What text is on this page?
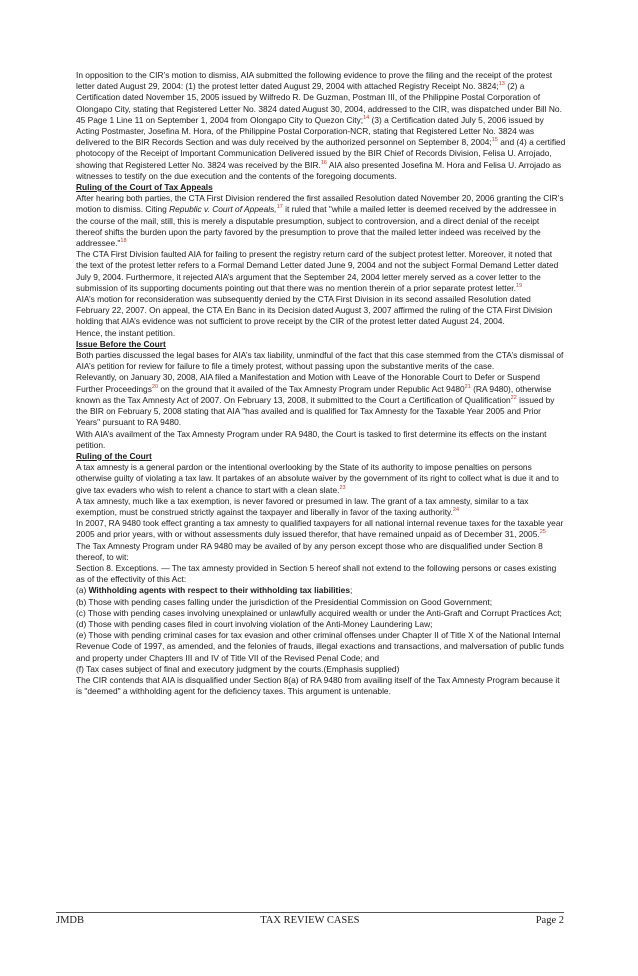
In opposition to the CIR’s motion to dismiss, AIA submitted the following evidence to prove the filing and the receipt of the protest letter dated August 29, 2004: (1) the protest letter dated August 29, 2004 with attached Registry Receipt No. 3824;$^{13}$ (2) a Certification dated November 15, 2005 issued by Wilfredo R. De Guzman, Postman III, of the Philippine Postal Corporation of Olongapo City, stating that Registered Letter No. 3824 dated August 30, 2004, addressed to the CIR, was dispatched under Bill No. 45 Page 1 Line 11 on September 1, 2004 from Olongapo City to Quezon City;$^{14}$ (3) a Certification dated July 5, 2006 issued by Acting Postmaster, Josefina M. Hora, of the Philippine Postal Corporation-NCR, stating that Registered Letter No. 3824 was delivered to the BIR Records Section and was duly received by the authorized personnel on September 8, 2004;$^{15}$ and (4) a certified photocopy of the Receipt of Important Communication Delivered issued by the BIR Chief of Records Division, Felisa U. Arrojado, showing that Registered Letter No. 3824 was received by the BIR.$^{16}$ AIA also presented Josefina M. Hora and Felisa U. Arrojado as witnesses to testify on the due execution and the contents of the foregoing documents.

Ruling of the Court of Tax Appeals

After hearing both parties, the CTA First Division rendered the first assailed Resolution dated November 20, 2006 granting the CIR’s motion to dismiss. Citing Republic v. Court of Appeals,$^{17}$ it ruled that "while a mailed letter is deemed received by the addressee in the course of the mail, still, this is merely a disputable presumption, subject to controversion, and a direct denial of the receipt thereof shifts the burden upon the party favored by the presumption to prove that the mailed letter indeed was received by the addressee."$^{18}$

The CTA First Division faulted AIA for failing to present the registry return card of the subject protest letter. Moreover, it noted that the text of the protest letter refers to a Formal Demand Letter dated June 9, 2004 and not the subject Formal Demand Letter dated July 9, 2004. Furthermore, it rejected AIA’s argument that the September 24, 2004 letter merely served as a cover letter to the submission of its supporting documents pointing out that there was no mention therein of a prior separate protest letter.$^{19}$

AIA’s motion for reconsideration was subsequently denied by the CTA First Division in its second assailed Resolution dated February 22, 2007. On appeal, the CTA En Banc in its Decision dated August 3, 2007 affirmed the ruling of the CTA First Division holding that AIA’s evidence was not sufficient to prove receipt by the CIR of the protest letter dated August 24, 2004.

Hence, the instant petition.

Issue Before the Court

Both parties discussed the legal bases for AIA’s tax liability, unmindful of the fact that this case stemmed from the CTA’s dismissal of AIA’s petition for review for failure to file a timely protest, without passing upon the substantive merits of the case.

Relevantly, on January 30, 2008, AIA filed a Manifestation and Motion with Leave of the Honorable Court to Defer or Suspend Further Proceedings$^{20}$ on the ground that it availed of the Tax Amnesty Program under Republic Act 9480$^{21}$ (RA 9480), otherwise known as the Tax Amnesty Act of 2007. On February 13, 2008, it submitted to the Court a Certification of Qualification$^{22}$ issued by the BIR on February 5, 2008 stating that AIA "has availed and is qualified for Tax Amnesty for the Taxable Year 2005 and Prior Years" pursuant to RA 9480.

With AIA’s availment of the Tax Amnesty Program under RA 9480, the Court is tasked to first determine its effects on the instant petition.

Ruling of the Court

A tax amnesty is a general pardon or the intentional overlooking by the State of its authority to impose penalties on persons otherwise guilty of violating a tax law. It partakes of an absolute waiver by the government of its right to collect what is due it and to give tax evaders who wish to relent a chance to start with a clean slate.$^{23}$

A tax amnesty, much like a tax exemption, is never favored or presumed in law. The grant of a tax amnesty, similar to a tax exemption, must be construed strictly against the taxpayer and liberally in favor of the taxing authority.$^{24}$

In 2007, RA 9480 took effect granting a tax amnesty to qualified taxpayers for all national internal revenue taxes for the taxable year 2005 and prior years, with or without assessments duly issued therefor, that have remained unpaid as of December 31, 2005.25

The Tax Amnesty Program under RA 9480 may be availed of by any person except those who are disqualified under Section 8 thereof, to wit:

Section 8. Exceptions. — The tax amnesty provided in Section 5 hereof shall not extend to the following persons or cases existing as of the effectivity of this Act:

(a) Withholding agents with respect to their withholding tax liabilities;

(b) Those with pending cases falling under the jurisdiction of the Presidential Commission on Good Government;

(c) Those with pending cases involving unexplained or unlawfully acquired wealth or under the Anti-Graft and Corrupt Practices Act;

(d) Those with pending cases filed in court involving violation of the Anti-Money Laundering Law;

(e) Those with pending criminal cases for tax evasion and other criminal offenses under Chapter II of Title X of the National Internal Revenue Code of 1997, as amended, and the felonies of frauds, illegal exactions and transactions, and malversation of public funds and property under Chapters III and IV of Title VII of the Revised Penal Code; and

(f) Tax cases subject of final and executory judgment by the courts.(Emphasis supplied)

The CIR contends that AIA is disqualified under Section 8(a) of RA 9480 from availing itself of the Tax Amnesty Program because it is "deemed" a withholding agent for the deficiency taxes. This argument is untenable.

JMDB	TAX REVIEW CASES	Page 2
